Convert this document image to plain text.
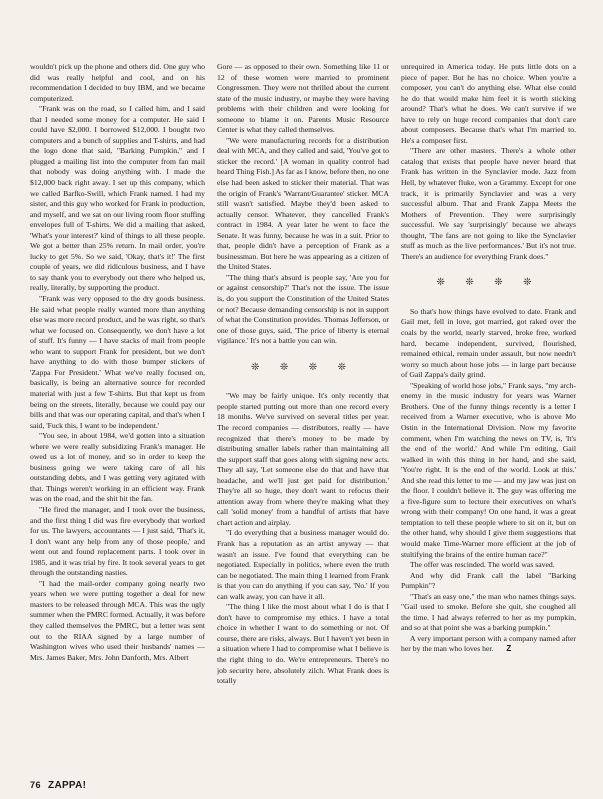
wouldn't pick up the phone and others did. One guy who did was really helpful and cool, and on his recommendation I decided to buy IBM, and we became computerized.

"Frank was on the road, so I called him, and I said that I needed some money for a computer. He said I could have $2,000. I borrowed $12,000. I bought two computers and a bunch of supplies and T-shirts, and had the logo done that said, "Barking Pumpkin," and I plugged a mailing list into the computer from fan mail that nobody was doing anything with. I made the $12,000 back right away. I set up this company, which we called Barfko-Swill, which Frank named. I had my sister, and this guy who worked for Frank in production, and myself, and we sat on our living room floor stuffing envelopes full of T-shirts. We did a mailing that asked, 'What's your interest?' kind of things to all these people. We got a better than 25% return. In mail order, you're lucky to get 5%. So we said, 'Okay, that's it!' The first couple of years, we did ridiculous business, and I have to say thank you to everybody out there who helped us, really, literally, by supporting the product.

"Frank was very opposed to the dry goods business. He said what people really wanted more than anything else was more record product, and he was right, so that's what we focused on. Consequently, we don't have a lot of stuff. It's funny — I have stacks of mail from people who want to support Frank for president, but we don't have anything to do with those bumper stickers of 'Zappa For President.' What we've really focused on, basically, is being an alternative source for recorded material with just a few T-shirts. But that kept us from being on the streets, literally, because we could pay our bills and that was our operating capital, and that's when I said, 'Fuck this, I want to be independent.'

"You see, in about 1984, we'd gotten into a situation where we were really subsidizing Frank's manager. He owed us a lot of money, and so in order to keep the business going we were taking care of all his outstanding debts, and I was getting very agitated with that. Things weren't working in an efficient way. Frank was on the road, and the shit hit the fan.

"He fired the manager, and I took over the business, and the first thing I did was fire everybody that worked for us. The lawyers, accountants — I just said, 'That's it, I don't want any help from any of those people,' and went out and found replacement parts. I took over in 1985, and it was trial by fire. It took several years to get through the outstanding nasties.

"I had the mail-order company going nearly two years when we were putting together a deal for new masters to be released through MCA. This was the ugly summer when the PMRC formed. Actually, it was before they called themselves the PMRC, but a letter was sent out to the RIAA signed by a large number of Washington wives who used their husbands' names — Mrs. James Baker, Mrs. John Danforth, Mrs. Albert

Gore — as opposed to their own. Something like 11 or 12 of these women were married to prominent Congressmen. They were not thrilled about the current state of the music industry, or maybe they were having problems with their children and were looking for someone to blame it on. Parents Music Resource Center is what they called themselves.

"We were manufacturing records for a distribution deal with MCA, and they called and said, 'You've got to sticker the record.' [A woman in quality control had heard Thing Fish.] As far as I know, before then, no one else had been asked to sticker their material. That was the origin of Frank's 'Warrant/Guarantee' sticker. MCA still wasn't satisfied. Maybe they'd been asked to actually censor. Whatever, they cancelled Frank's contract in 1984. A year later he went to face the Senate. It was funny, because he was in a suit. Prior to that, people didn't have a perception of Frank as a businessman. But here he was appearing as a citizen of the United States.

"The thing that's absurd is people say, 'Are you for or against censorship?' That's not the issue. The issue is, do you support the Constitution of the United States or not? Because demanding censorship is not in support of what the Constitution provides. Thomas Jefferson, or one of those guys, said, 'The price of liberty is eternal vigilance.' It's not a battle you can win.

❊ ❊ ❊ ❊

"We may be fairly unique. It's only recently that people started putting out more than one record every 18 months. We've survived on several titles per year. The record companies — distributors, really — have recognized that there's money to be made by distributing smaller labels rather than maintaining all the support staff that goes along with signing new acts. They all say, 'Let someone else do that and have that headache, and we'll just get paid for distribution.' They're all so huge, they don't want to refocus their attention away from where they're making what they call 'solid money' from a handful of artists that have chart action and airplay.

"I do everything that a business manager would do. Frank has a reputation as an artist anyway — that wasn't an issue. I've found that everything can be negotiated. Especially in politics, where even the truth can be negotiated. The main thing I learned from Frank is that you can do anything if you can say, 'No.' If you can walk away, you can have it all.

"The thing I like the most about what I do is that I don't have to compromise my ethics. I have a total choice in whether I want to do something or not. Of course, there are risks, always. But I haven't yet been in a situation where I had to compromise what I believe is the right thing to do. We're entrepreneurs. There's no job security here, absolutely zilch. What Frank does is totally

unrequired in America today. He puts little dots on a piece of paper. But he has no choice. When you're a composer, you can't do anything else. What else could he do that would make him feel it is worth sticking around? That's what he does. We can't survive if we have to rely on huge record companies that don't care about composers. Because that's what I'm married to. He's a composer first.

"There are other masters. There's a whole other catalog that exists that people have never heard that Frank has written in the Synclavier mode. Jazz from Hell, by whatever fluke, won a Grammy. Except for one track, it is primarily Synclavier and was a very successful album. That and Frank Zappa Meets the Mothers of Prevention. They were surprisingly successful. We say 'surprisingly' because we always thought, 'The fans are not going to like the Synclavier stuff as much as the live performances.' But it's not true. There's an audience for everything Frank does."

❊ ❊ ❊ ❊

So that's how things have evolved to date. Frank and Gail met, fell in love, got married, got raked over the coals by the world, nearly starved, broke free, worked hard, became independent, survived, flourished, remained ethical, remain under assault, but now needn't worry so much about hose jobs — in large part because of Gail Zappa's daily grind.

"Speaking of world hose jobs," Frank says, "my arch-enemy in the music industry for years was Warner Brothers. One of the funny things recently is a letter I received from a Warner executive, who is above Mo Ostin in the International Division. Now my favorite comment, when I'm watching the news on TV, is, 'It's the end of the world.' And while I'm editing, Gail walked in with this thing in her hand, and she said, 'You're right. It is the end of the world. Look at this.' And she read this letter to me — and my jaw was just on the floor. I couldn't believe it. The guy was offering me a five-figure sum to lecture their executives on what's wrong with their company! On one hand, it was a great temptation to tell these people where to sit on it, but on the other hand, why should I give them suggestions that would make Time-Warner more efficient at the job of stultifying the brains of the entire human race?"

The offer was rescinded. The world was saved.

And why did Frank call the label "Barking Pumpkin"?

"That's an easy one," the man who names things says. "Gail used to smoke. Before she quit, she coughed all the time. I had always referred to her as my pumpkin, and so at that point she was a barking pumpkin."

A very important person with a company named after her by the man who loves her. Z

76 ZAPPA!
